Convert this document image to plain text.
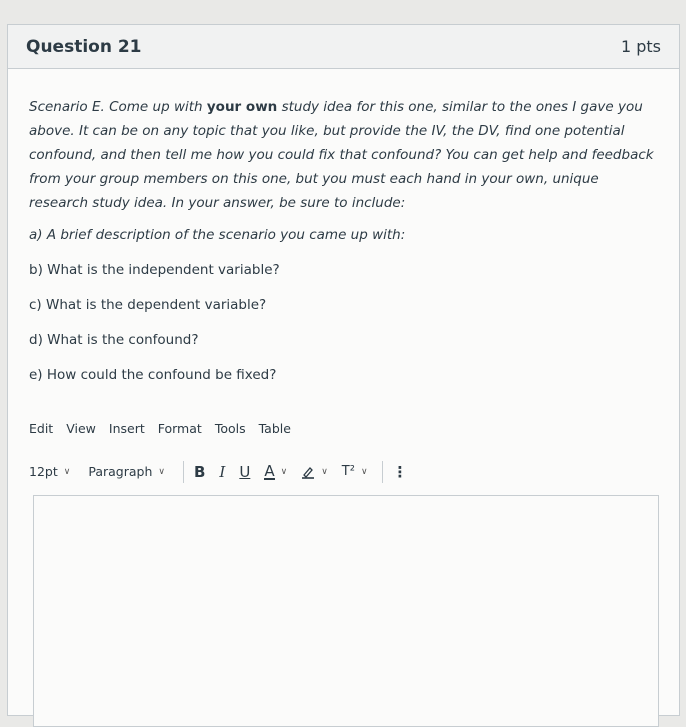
Question 21	1 pts

Scenario E. Come up with your own study idea for this one, similar to the ones I gave you above. It can be on any topic that you like, but provide the IV, the DV, find one potential confound, and then tell me how you could fix that confound? You can get help and feedback from your group members on this one, but you must each hand in your own, unique research study idea. In your answer, be sure to include:

a) A brief description of the scenario you came up with:
b) What is the independent variable?
c) What is the dependent variable?
d) What is the confound?
e) How could the confound be fixed?
Edit View Insert Format Tools Table
12pt ∨ Paragraph ∨ B I U A ∨	∨ T² ∨ ⋮
